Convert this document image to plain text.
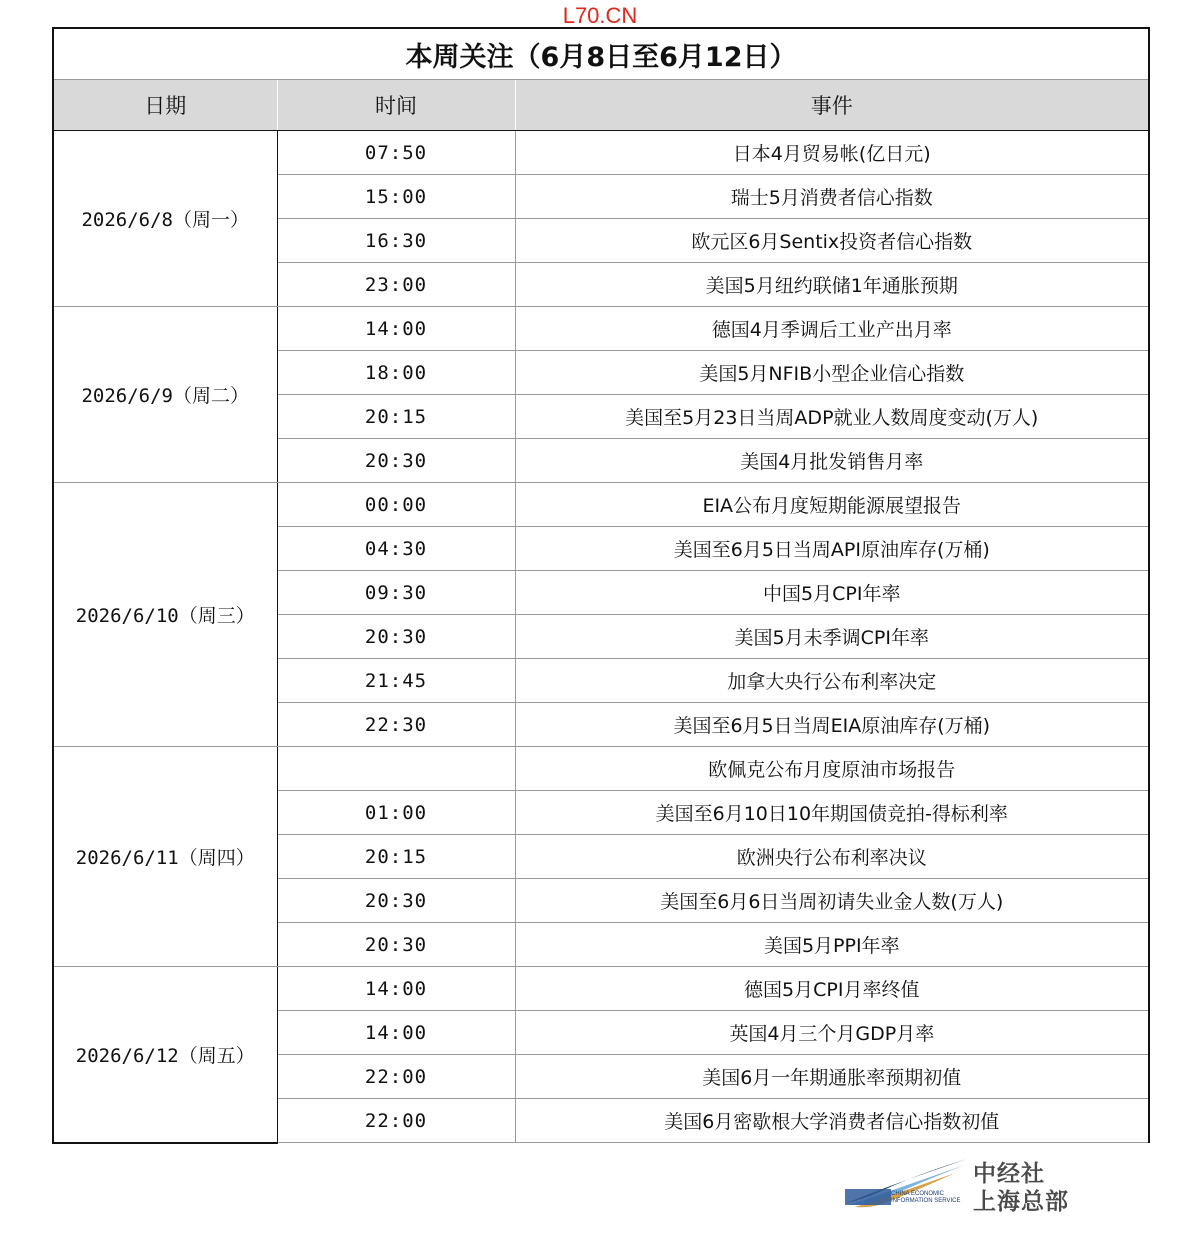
L70.CN
本周关注（6月8日至6月12日）		
日期	时间	事件
2026/6/8（周一）	07:50	日本4月贸易帐(亿日元)
	15:00	瑞士5月消费者信心指数
	16:30	欧元区6月Sentix投资者信心指数
	23:00	美国5月纽约联储1年通胀预期
2026/6/9（周二）	14:00	德国4月季调后工业产出月率
	18:00	美国5月NFIB小型企业信心指数
	20:15	美国至5月23日当周ADP就业人数周度变动(万人)
	20:30	美国4月批发销售月率
2026/6/10（周三）	00:00	EIA公布月度短期能源展望报告
	04:30	美国至6月5日当周API原油库存(万桶)
	09:30	中国5月CPI年率
	20:30	美国5月未季调CPI年率
	21:45	加拿大央行公布利率决定
	22:30	美国至6月5日当周EIA原油库存(万桶)
2026/6/11（周四）		欧佩克公布月度原油市场报告
	01:00	美国至6月10日10年期国债竞拍-得标利率
	20:15	欧洲央行公布利率决议
	20:30	美国至6月6日当周初请失业金人数(万人)
	20:30	美国5月PPI年率
2026/6/12（周五）	14:00	德国5月CPI月率终值
	14:00	英国4月三个月GDP月率
	22:00	美国6月一年期通胀率预期初值
	22:00	美国6月密歇根大学消费者信心指数初值
CHINA ECONOMIC
INFORMATION SERVICE
中经社
上海总部
